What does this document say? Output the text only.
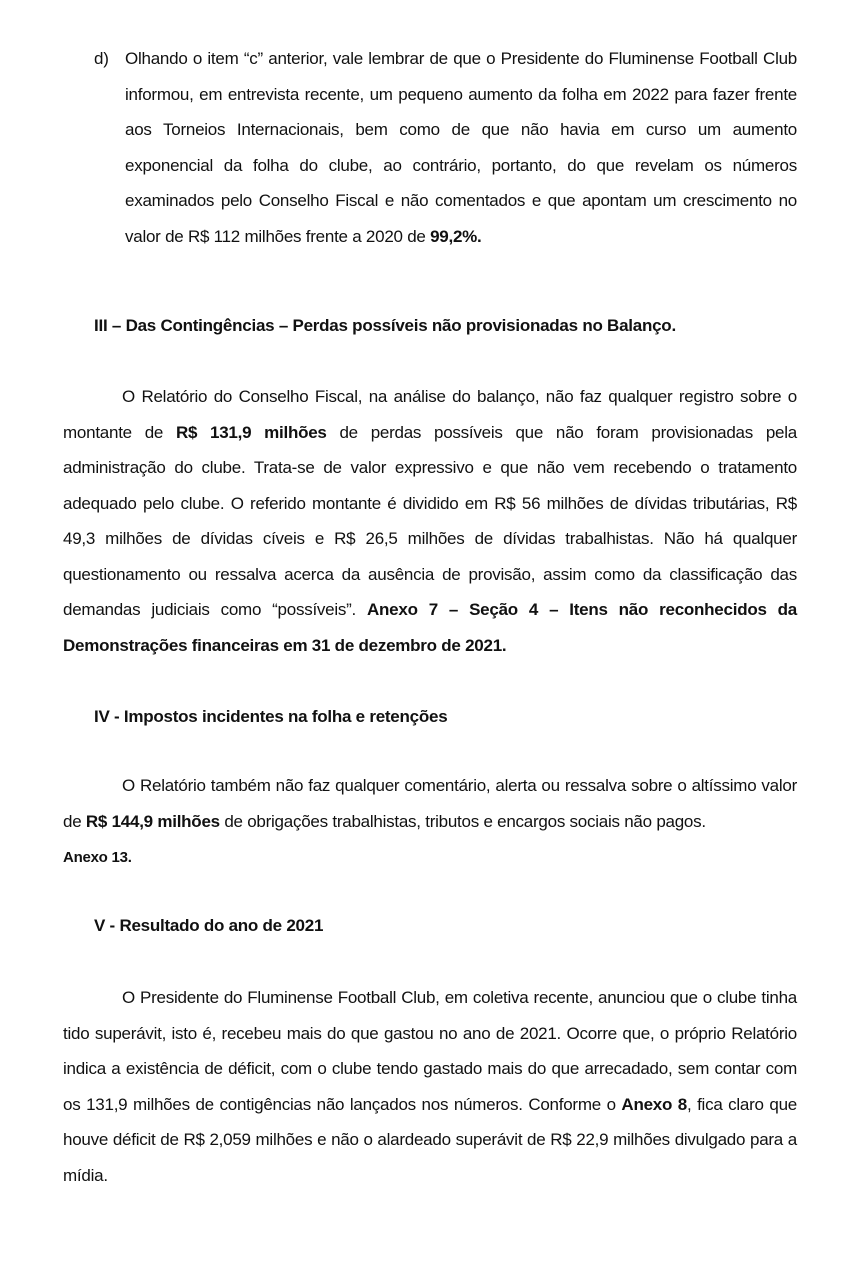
d) Olhando o item “c” anterior, vale lembrar de que o Presidente do Fluminense Football Club informou, em entrevista recente, um pequeno aumento da folha em 2022 para fazer frente aos Torneios Internacionais, bem como de que não havia em curso um aumento exponencial da folha do clube, ao contrário, portanto, do que revelam os números examinados pelo Conselho Fiscal e não comentados e que apontam um crescimento no valor de R$ 112 milhões frente a 2020 de 99,2%.
III – Das Contingências – Perdas possíveis não provisionadas no Balanço.
O Relatório do Conselho Fiscal, na análise do balanço, não faz qualquer registro sobre o montante de R$ 131,9 milhões de perdas possíveis que não foram provisionadas pela administração do clube. Trata-se de valor expressivo e que não vem recebendo o tratamento adequado pelo clube. O referido montante é dividido em R$ 56 milhões de dívidas tributárias, R$ 49,3 milhões de dívidas cíveis e R$ 26,5 milhões de dívidas trabalhistas. Não há qualquer questionamento ou ressalva acerca da ausência de provisão, assim como da classificação das demandas judiciais como “possíveis”. Anexo 7 – Seção 4 – Itens não reconhecidos da Demonstrações financeiras em 31 de dezembro de 2021.
IV - Impostos incidentes na folha e retenções
O Relatório também não faz qualquer comentário, alerta ou ressalva sobre o altíssimo valor de R$ 144,9 milhões de obrigações trabalhistas, tributos e encargos sociais não pagos.
Anexo 13.
V - Resultado do ano de 2021
O Presidente do Fluminense Football Club, em coletiva recente, anunciou que o clube tinha tido superávit, isto é, recebeu mais do que gastou no ano de 2021. Ocorre que, o próprio Relatório indica a existência de déficit, com o clube tendo gastado mais do que arrecadado, sem contar com os 131,9 milhões de contigências não lançados nos números. Conforme o Anexo 8, fica claro que houve déficit de R$ 2,059 milhões e não o alardeado superávit de R$ 22,9 milhões divulgado para a mídia.
